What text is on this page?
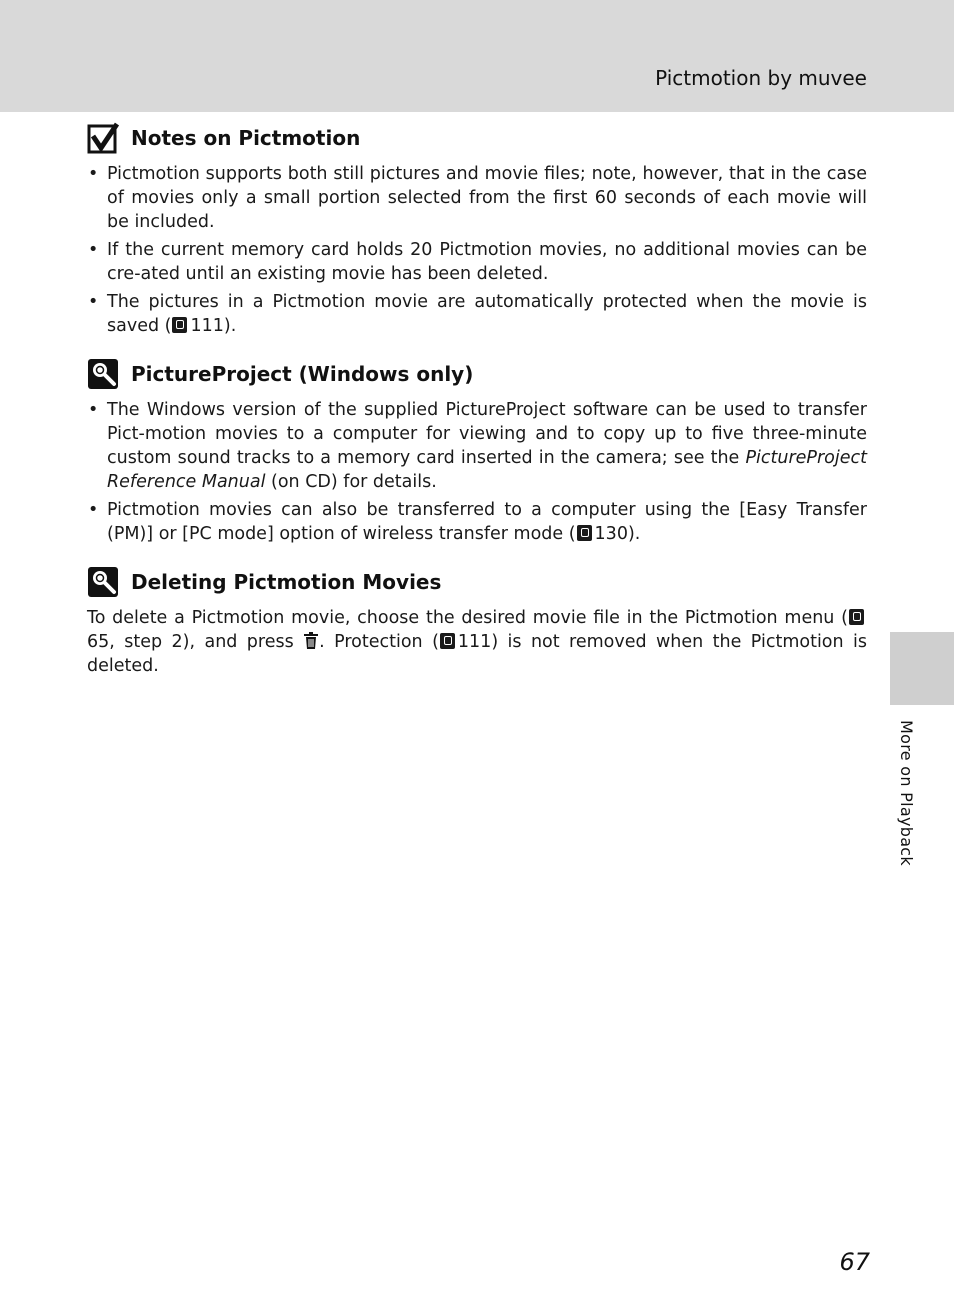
Pictmotion by muvee
Notes on Pictmotion
• Pictmotion supports both still pictures and movie files; note, however, that in the case of movies only a small portion selected from the first 60 seconds of each movie will be included.
• If the current memory card holds 20 Pictmotion movies, no additional movies can be cre-ated until an existing movie has been deleted.
• The pictures in a Pictmotion movie are automatically protected when the movie is saved ( 111).
PictureProject (Windows only)
• The Windows version of the supplied PictureProject software can be used to transfer Pict-motion movies to a computer for viewing and to copy up to five three-minute custom sound tracks to a memory card inserted in the camera; see the PictureProject Reference Manual (on CD) for details.
• Pictmotion movies can also be transferred to a computer using the [Easy Transfer (PM)] or [PC mode] option of wireless transfer mode ( 130).
Deleting Pictmotion Movies

To delete a Pictmotion movie, choose the desired movie file in the Pictmotion menu (65, step 2), and press . Protection ( 111) is not removed when the Pictmotion is deleted.

More on Playback
67
